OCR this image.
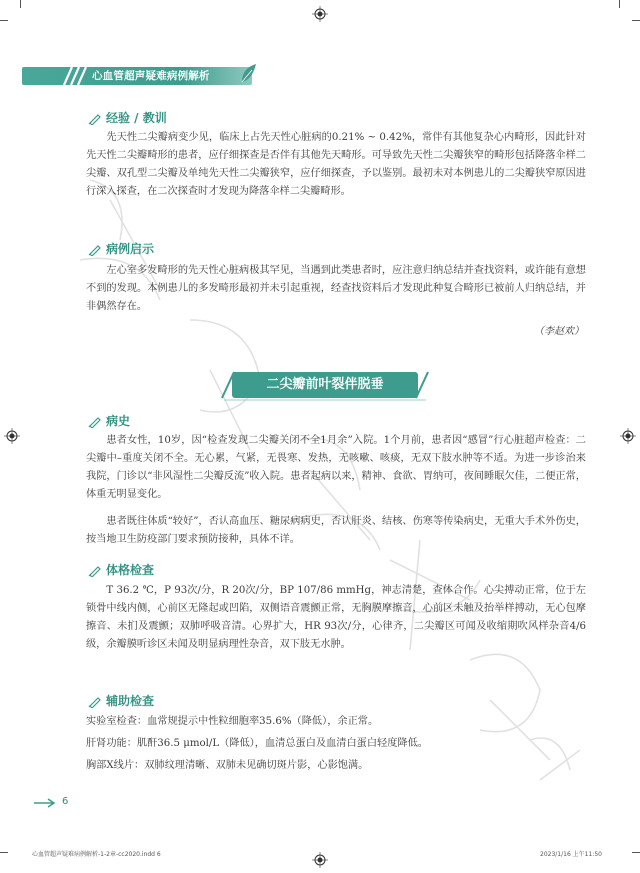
心血管超声疑难病例解析
经验 / 教训

先天性二尖瓣病变少见，临床上占先天性心脏病的0.21% ~ 0.42%，常伴有其他复杂心内畸形，因此针对先天性二尖瓣畸形的患者，应仔细探查是否伴有其他先天畸形。可导致先天性二尖瓣狭窄的畸形包括降落伞样二尖瓣、双孔型二尖瓣及单纯先天性二尖瓣狭窄，应仔细探查，予以鉴别。最初未对本例患儿的二尖瓣狭窄原因进行深入探查，在二次探查时才发现为降落伞样二尖瓣畸形。

病例启示

左心室多发畸形的先天性心脏病极其罕见，当遇到此类患者时，应注意归纳总结并查找资料，或许能有意想不到的发现。本例患儿的多发畸形最初并未引起重视，经查找资料后才发现此种复合畸形已被前人归纳总结，并非偶然存在。

（李赵欢）
二尖瓣前叶裂伴脱垂
病史

患者女性，10岁，因“检查发现二尖瓣关闭不全1月余”入院。1个月前，患者因“感冒”行心脏超声检查：二尖瓣中–重度关闭不全。无心累，气紧，无畏寒、发热，无咳嗽、咳痰，无双下肢水肿等不适。为进一步诊治来我院，门诊以“非风湿性二尖瓣反流”收入院。患者起病以来，精神、食欲、胃纳可，夜间睡眠欠佳，二便正常，体重无明显变化。

患者既往体质“较好”，否认高血压、糖尿病病史，否认肝炎、结核、伤寒等传染病史，无重大手术外伤史，按当地卫生防疫部门要求预防接种，具体不详。

体格检查

T 36.2 ℃，P 93次/分，R 20次/分，BP 107/86 mmHg，神志清楚，查体合作。心尖搏动正常，位于左锁骨中线内侧，心前区无隆起或凹陷，双侧语音震颤正常，无胸膜摩擦音，心前区未触及抬举样搏动，无心包摩擦音、未扪及震颤；双肺呼吸音清。心界扩大，HR 93次/分，心律齐，二尖瓣区可闻及收缩期吹风样杂音4/6级，余瓣膜听诊区未闻及明显病理性杂音，双下肢无水肿。

辅助检查

实验室检查：血常规提示中性粒细胞率35.6%（降低），余正常。

肝肾功能：肌酐36.5 μmol/L（降低），血清总蛋白及血清白蛋白轻度降低。

胸部X线片：双肺纹理清晰、双肺未见确切斑片影，心影饱满。

6
心血管超声疑难病例解析-1-2章-cc2020.indd 6	2023/1/16 上午11:50
